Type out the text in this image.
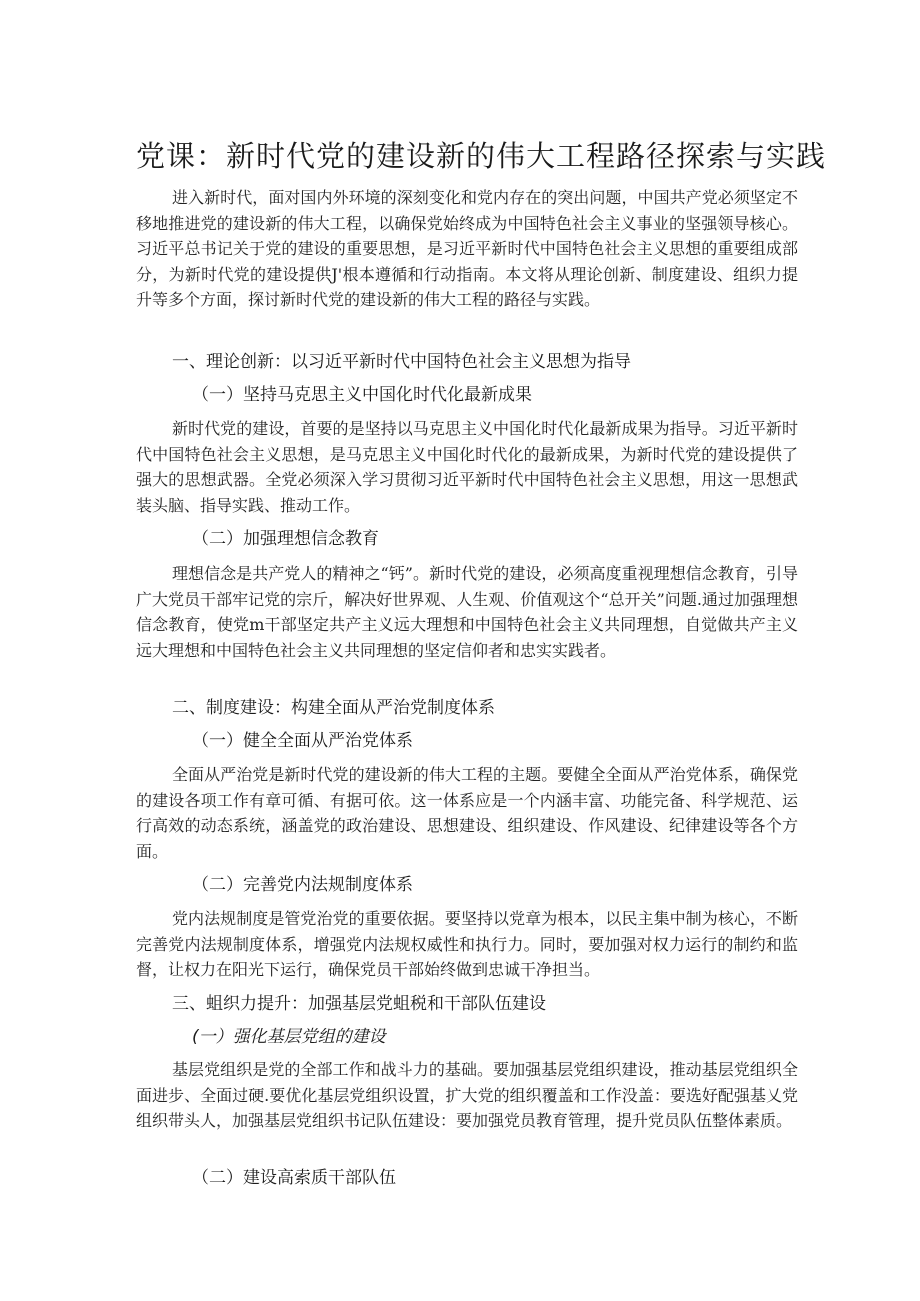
党课：新时代党的建设新的伟大工程路径探索与实践

进入新时代，面对国内外环境的深刻变化和党内存在的突出问题，中国共产党必须坚定不移地推进党的建设新的伟大工程，以确保党始终成为中国特色社会主义事业的坚强领导核心。习近平总书记关于党的建设的重要思想，是习近平新时代中国特色社会主义思想的重要组成部分，为新时代党的建设提供J'根本遵循和行动指南。本文将从理论创新、制度建设、组织力提升等多个方面，探讨新时代党的建设新的伟大工程的路径与实践。

一、理论创新：以习近平新时代中国特色社会主义思想为指导
（一）坚持马克思主义中国化时代化最新成果

新时代党的建设，首要的是坚持以马克思主义中国化时代化最新成果为指导。习近平新时代中国特色社会主义思想，是马克思主义中国化时代化的最新成果，为新时代党的建设提供了强大的思想武器。全党必须深入学习贯彻习近平新时代中国特色社会主义思想，用这一思想武装头脑、指导实践、推动工作。

（二）加强理想信念教育

理想信念是共产党人的精神之“钙”。新时代党的建设，必须高度重视理想信念教育，引导广大党员干部牢记党的宗斤，解决好世界观、人生观、价值观这个“总开关”问题.通过加强理想信念教育，使党m干部坚定共产主义远大理想和中国特色社会主义共同理想，自觉做共产主义远大理想和中国特色社会主义共同理想的坚定信仰者和忠实实践者。

二、制度建设：构建全面从严治党制度体系
（一）健全全面从严治党体系

全面从严治党是新时代党的建设新的伟大工程的主题。要健全全面从严治党体系，确保党的建设各项工作有章可循、有据可依。这一体系应是一个内涵丰富、功能完备、科学规范、运行高效的动态系统，涵盖党的政治建设、思想建设、组织建设、作风建设、纪律建设等各个方面。

（二）完善党内法规制度体系

党内法规制度是管党治党的重要依据。要坚持以党章为根本，以民主集中制为核心，不断完善党内法规制度体系，增强党内法规权威性和执行力。同时，要加强对权力运行的制约和监督，让权力在阳光下运行，确保党员干部始终做到忠诚干净担当。

三、蛆织力提升：加强基层党蛆税和干部队伍建设
(一）强化基层党组的建设

基层党组织是党的全部工作和战斗力的基础。要加强基层党组织建设，推动基层党组织全面进步、全面过硬.要优化基层党组织设置，扩大党的组织覆盖和工作没盖：要选好配强基乂党组织带头人，加强基层党组织书记队伍建设：要加强党员教育管理，提升党员队伍整体素质。

（二）建设高索质干部队伍
